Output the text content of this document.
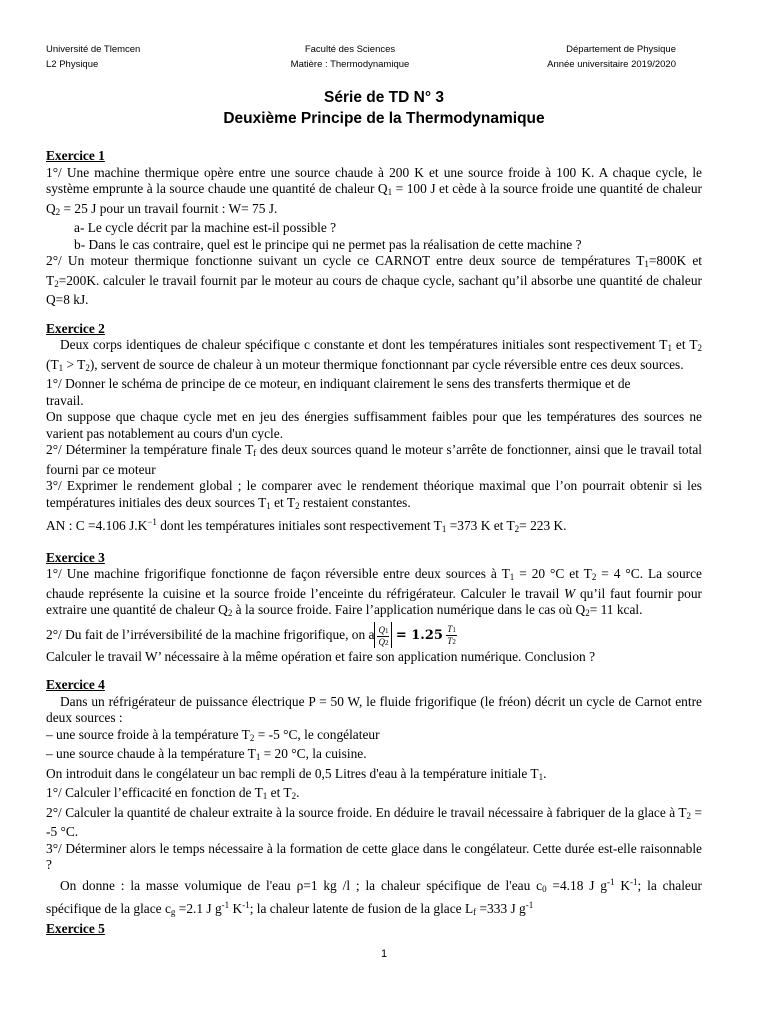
Université de Tlemcen
L2 Physique
Faculté des Sciences
Matière : Thermodynamique
Département de Physique
Année universitaire 2019/2020
Série de TD N° 3
Deuxième Principe de la Thermodynamique

Exercice 1

1°/ Une machine thermique opère entre une source chaude à 200 K et une source froide à 100 K. A chaque cycle, le système emprunte à la source chaude une quantité de chaleur $Q_1 = 100$ J et cède à la source froide une quantité de chaleur $Q_2 = 25$ J pour un travail fournit : W= 75 J.

a- Le cycle décrit par la machine est-il possible ?

b- Dans le cas contraire, quel est le principe qui ne permet pas la réalisation de cette machine ?

2°/ Un moteur thermique fonctionne suivant un cycle ce CARNOT entre deux source de températures $T_1=800K$ et $T_2=200K$. calculer le travail fournit par le moteur au cours de chaque cycle, sachant qu’il absorbe une quantité de chaleur Q=8 kJ.

Exercice 2

Deux corps identiques de chaleur spécifique c constante et dont les températures initiales sont respectivement $T_1$ et $T_2$ $(T_1 > T_2)$, servent de source de chaleur à un moteur thermique fonctionnant par cycle réversible entre ces deux sources.

1°/ Donner le schéma de principe de ce moteur, en indiquant clairement le sens des transferts thermique et de travail.

On suppose que chaque cycle met en jeu des énergies suffisamment faibles pour que les températures des sources ne varient pas notablement au cours d'un cycle.

2°/ Déterminer la température finale $T_f$ des deux sources quand le moteur s’arrête de fonctionner, ainsi que le travail total fourni par ce moteur

3°/ Exprimer le rendement global ; le comparer avec le rendement théorique maximal que l’on pourrait obtenir si les températures initiales des deux sources $T_1$ et $T_2$ restaient constantes.

AN : C =4.106 $J.K^{-1}$ dont les températures initiales sont respectivement $T_1 =373$ K et $T_2= 223$ K.

Exercice 3

1°/ Une machine frigorifique fonctionne de façon réversible entre deux sources à $T_1 = 20$ °C et $T_2 = 4$ °C. La source chaude représente la cuisine et la source froide l’enceinte du réfrigérateur. Calculer le travail W qu’il faut fournir pour extraire une quantité de chaleur $Q_2$ à la source froide. Faire l’application numérique dans le cas où $Q_2= 11$ kcal.

2°/ Du fait de l’irréversibilité de la machine frigorifique, on a $\frac{Q1}{Q2} = 1.25 \frac{T1}{T2}$

Calculer le travail W’ nécessaire à la même opération et faire son application numérique. Conclusion ?

Exercice 4

Dans un réfrigérateur de puissance électrique P = 50 W, le fluide frigorifique (le fréon) décrit un cycle de Carnot entre deux sources :

– une source froide à la température $T_2 = -5$ °C, le congélateur

– une source chaude à la température $T_1 = 20$ °C, la cuisine.

On introduit dans le congélateur un bac rempli de 0,5 Litres d'eau à la température initiale $T_1$.

1°/ Calculer l’efficacité en fonction de $T_1$ et $T_2$.

2°/ Calculer la quantité de chaleur extraite à la source froide. En déduire le travail nécessaire à fabriquer de la glace à $T_2 = -5$ °C.

3°/ Déterminer alors le temps nécessaire à la formation de cette glace dans le congélateur. Cette durée est-elle raisonnable ?

On donne : la masse volumique de l'eau ρ=1 kg /l ; la chaleur spécifique de l'eau $c_0 =4.18$ J $g^{-1}$ $K^{-1}$; la chaleur spécifique de la glace $c_g =2.1$ J $g^{-1}$ $K^{-1}$; la chaleur latente de fusion de la glace $L_f =333$ J $g^{-1}$

Exercice 5

1
